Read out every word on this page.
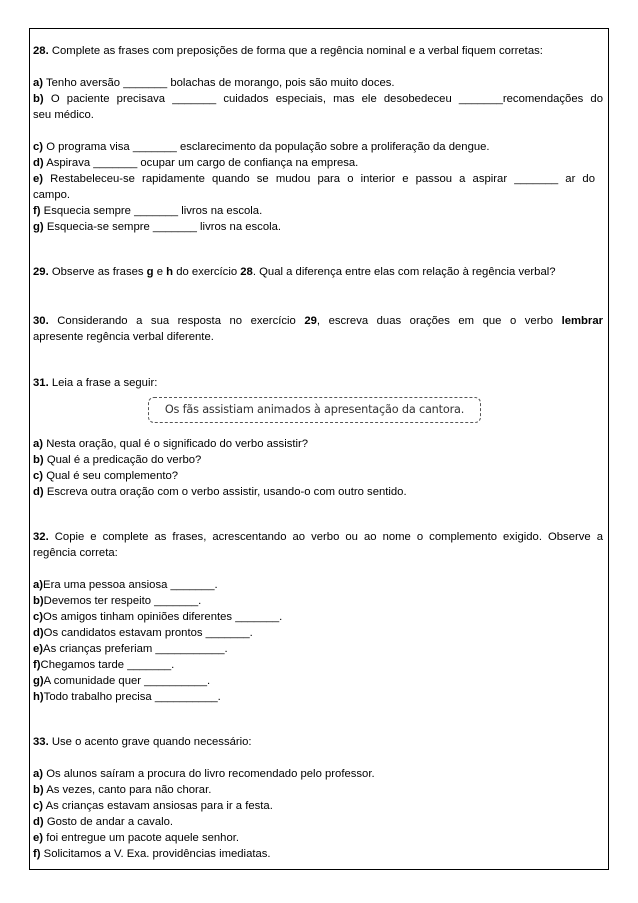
28. Complete as frases com preposições de forma que a regência nominal e a verbal fiquem corretas:
a) Tenho aversão _______ bolachas de morango, pois são muito doces.
b) O paciente precisava _______ cuidados especiais, mas ele desobedeceu _______recomendações do
seu médico.
c) O programa visa _______ esclarecimento da população sobre a proliferação da dengue.
d) Aspirava _______ ocupar um cargo de confiança na empresa.
e) Restabeleceu-se rapidamente quando se mudou para o interior e passou a aspirar _______ ar do
campo.
f) Esquecia sempre _______ livros na escola.
g) Esquecia-se sempre _______ livros na escola.
29. Observe as frases g e h do exercício 28. Qual a diferença entre elas com relação à regência verbal?
30. Considerando a sua resposta no exercício 29, escreva duas orações em que o verbo lembrar
apresente regência verbal diferente.
31. Leia a frase a seguir:
Os fãs assistiam animados à apresentação da cantora.
a) Nesta oração, qual é o significado do verbo assistir?
b) Qual é a predicação do verbo?
c) Qual é seu complemento?
d) Escreva outra oração com o verbo assistir, usando-o com outro sentido.
32. Copie e complete as frases, acrescentando ao verbo ou ao nome o complemento exigido. Observe a
regência correta:
a)Era uma pessoa ansiosa _______.
b)Devemos ter respeito _______.
c)Os amigos tinham opiniões diferentes _______.
d)Os candidatos estavam prontos _______.
e)As crianças preferiam ___________.
f)Chegamos tarde _______.
g)A comunidade quer __________.
h)Todo trabalho precisa __________.
33. Use o acento grave quando necessário:
a) Os alunos saíram a procura do livro recomendado pelo professor.
b) As vezes, canto para não chorar.
c) As crianças estavam ansiosas para ir a festa.
d) Gosto de andar a cavalo.
e) foi entregue um pacote aquele senhor.
f) Solicitamos a V. Exa. providências imediatas.
